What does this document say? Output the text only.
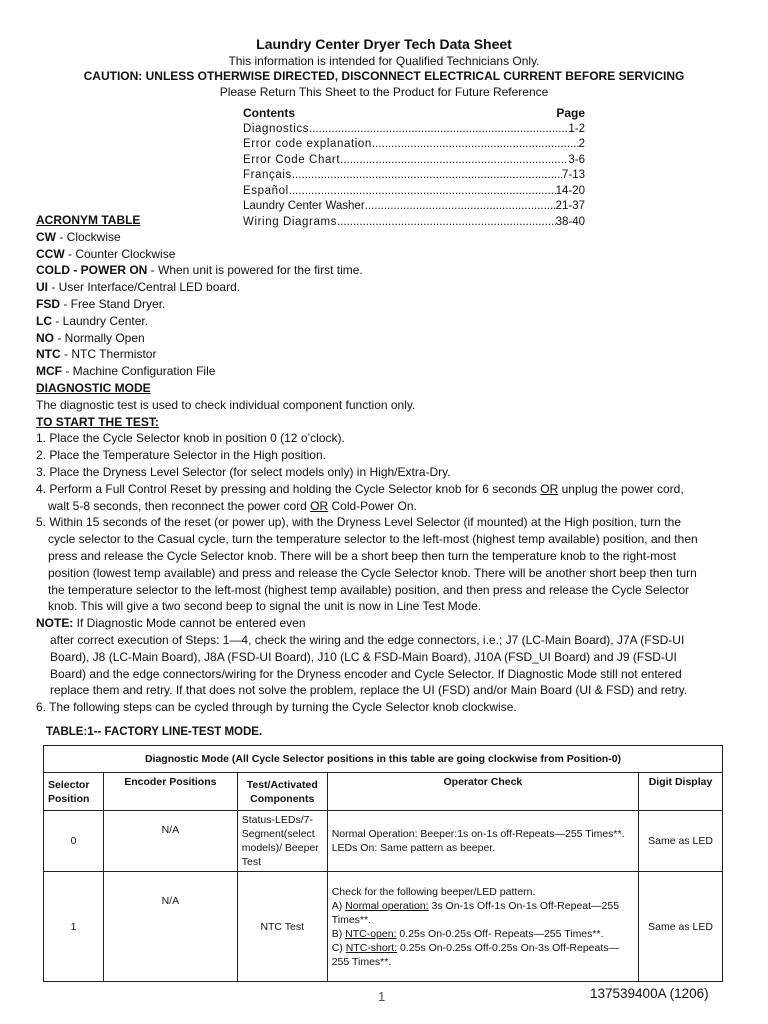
Laundry Center Dryer Tech Data Sheet
This information is intended for Qualified Technicians Only.
CAUTION: UNLESS OTHERWISE DIRECTED, DISCONNECT ELECTRICAL CURRENT BEFORE SERVICING
Please Return This Sheet to the Product for Future Reference
Contents	Page
Diagnostics .....	1-2
Error code explanation .....	2
Error Code Chart .....	3-6
Français .....	7-13
Español .....	14-20
Laundry Center Washer .....	21-37
Wiring Diagrams .....	38-40

ACRONYM TABLE

CW - Clockwise

CCW - Counter Clockwise

COLD - POWER ON - When unit is powered for the first time.

UI - User Interface/Central LED board.

FSD - Free Stand Dryer.

LC - Laundry Center.

NO - Normally Open

NTC - NTC Thermistor

MCF - Machine Configuration File

DIAGNOSTIC MODE

The diagnostic test is used to check individual component function only.

TO START THE TEST:

1. Place the Cycle Selector knob in position 0 (12 o’clock).

2. Place the Temperature Selector in the High position.

3. Place the Dryness Level Selector (for select models only) in High/Extra-Dry.

4. Perform a Full Control Reset by pressing and holding the Cycle Selector knob for 6 seconds OR unplug the power cord,

walt 5-8 seconds, then reconnect the power cord OR Cold-Power On.

5. Within 15 seconds of the reset (or power up), with the Dryness Level Selector (if mounted) at the High position, turn the

cycle selector to the Casual cycle, turn the temperature selector to the left-most (highest temp available) position, and then

press and release the Cycle Selector knob. There will be a short beep then turn the temperature knob to the right-most

position (lowest temp available) and press and release the Cycle Selector knob. There will be another short beep then turn

the temperature selector to the left-most (highest temp available) position, and then press and release the Cycle Selector

knob. This will give a two second beep to signal the unit is now in Line Test Mode.

NOTE: If Diagnostic Mode cannot be entered even

after correct execution of Steps: 1—4, check the wiring and the edge connectors, i.e.; J7 (LC-Main Board), J7A (FSD-UI

Board), J8 (LC-Main Board), J8A (FSD-UI Board), J10 (LC & FSD-Main Board), J10A (FSD_UI Board) and J9 (FSD-UI

Board) and the edge connectors/wiring for the Dryness encoder and Cycle Selector. If Diagnostic Mode still not entered

replace them and retry. If that does not solve the problem, replace the UI (FSD) and/or Main Board (UI & FSD) and retry.

6. The following steps can be cycled through by turning the Cycle Selector knob clockwise.

TABLE:1-- FACTORY LINE-TEST MODE.
Diagnostic Mode (All Cycle Selector positions in this table are going clockwise from Position-0)				
Selector Position	Encoder Positions	Test/Activated Components	Operator Check	Digit Display
0	N/A	Status-LEDs/7-Segment(select models)/ Beeper Test	Normal Operation: Beeper:1s on-1s off-Repeats—255 Times**.
LEDs On: Same pattern as beeper.	Same as LED
1	N/A	NTC Test	Check for the following beeper/LED pattern.
A) Normal operation: 3s On-1s Off-1s On-1s Off-Repeat—255 Times**.
B) NTC-open: 0.25s On-0.25s Off- Repeats—255 Times**.
C) NTC-short: 0.25s On-0.25s Off-0.25s On-3s Off-Repeats—255 Times**.	Same as LED
1	137539400A (1206)
